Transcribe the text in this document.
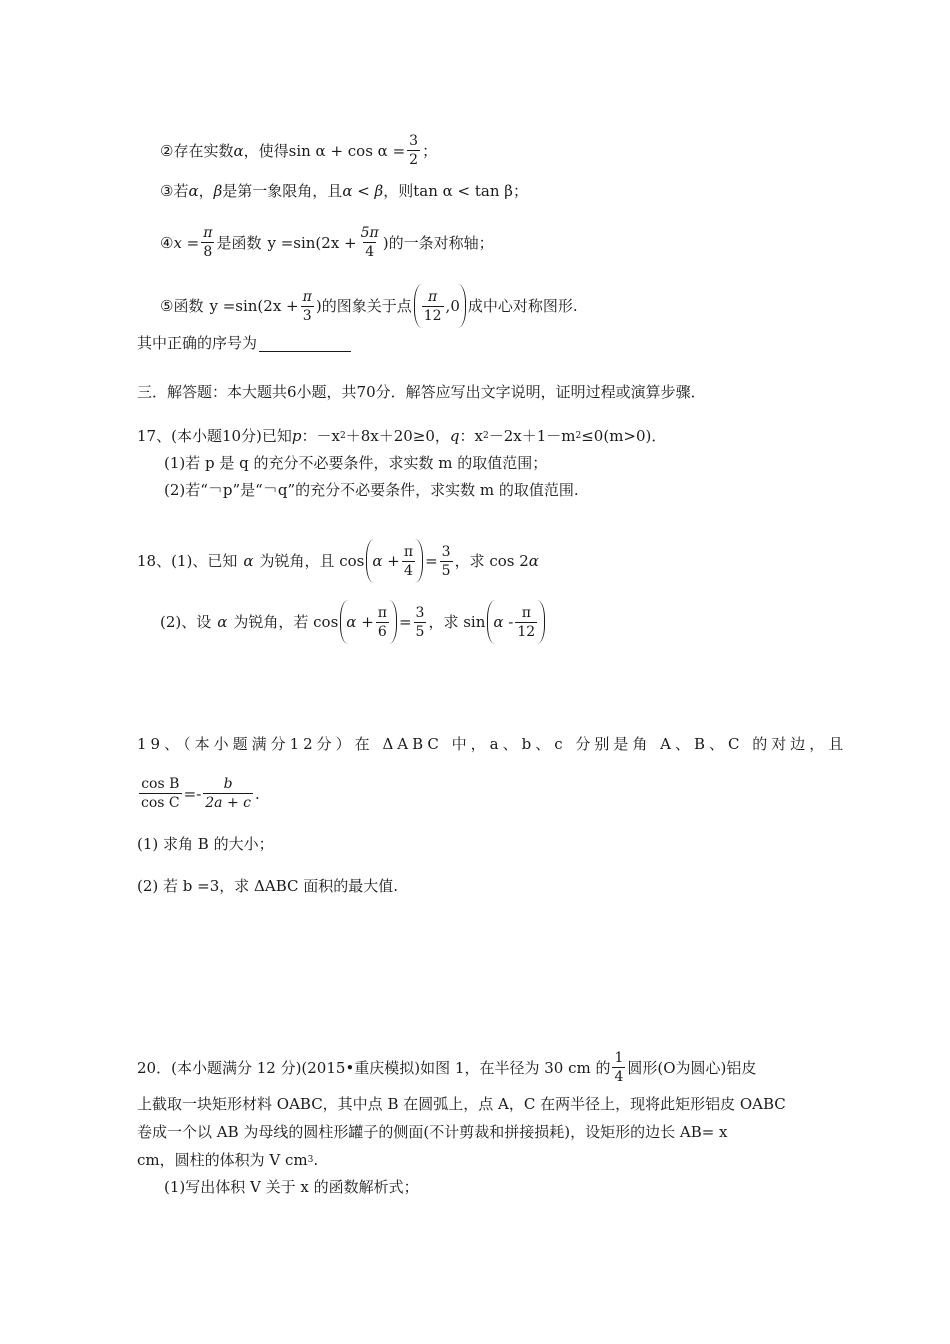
② 存在实数 α ，使得 $\sin \alpha + \cos \alpha = \frac{3}{2}$ ；
③ 若 α ， β 是第一象限角，且 α < β ，则 tan α < tan β ；
④ $x = \frac{\pi}{8}$ 是函数 $y =\sin(2x + \frac{5\pi}{4}$ ) 的一条对称轴；
⑤ 函数 $y =\sin(2x + \frac{\pi}{3}$ ) 的图象关于点 $\frac{\pi}{12} ,0$ 成中心对称图形.
其中正确的序号为
三．解答题：本大题共6小题，共70分．解答应写出文字说明，证明过程或演算步骤．
17、(本小题10分)已知 p ：－x 2 ＋8x＋20≥0， q ：x 2 －2x＋1－m 2 ≤0(m>0)．
(1)若 p 是 q 的充分不必要条件，求实数 m 的取值范围；
(2)若“￢p”是“￢q”的充分不必要条件，求实数 m 的取值范围.
18、(1)、已知 α 为锐角，且 $\cos \alpha + \frac{\pi}{4} = \frac{3}{5}$ ，求 cos 2 α
(2)、设 α 为锐角，若 $\cos \alpha + \frac{\pi}{6} = \frac{3}{5}$ ，求 sin α - $\frac{\pi}{12}$
19、（本小题满分12分）在 ΔABC 中，a、b、c 分别是角 A、B、C 的对边，且
$\frac{\text{cos B}}{\text{cos C}} =- \frac{b}{2a + c}$ .
(1) 求角 B 的大小；
(2) 若 b =3，求 ΔABC 面积的最大值.
20．(本小题满分 12 分)(2015•重庆模拟)如图 1，在半径为 30 cm 的 $\frac{1}{4}$ 圆形(O为圆心)铝皮
上截取一块矩形材料 OABC，其中点 B 在圆弧上，点 A，C 在两半径上，现将此矩形铝皮 OABC
卷成一个以 AB 为母线的圆柱形罐子的侧面(不计剪裁和拼接损耗)，设矩形的边长 AB= x
cm，圆柱的体积为 V cm 3 .
(1)写出体积 V 关于 x 的函数解析式；
